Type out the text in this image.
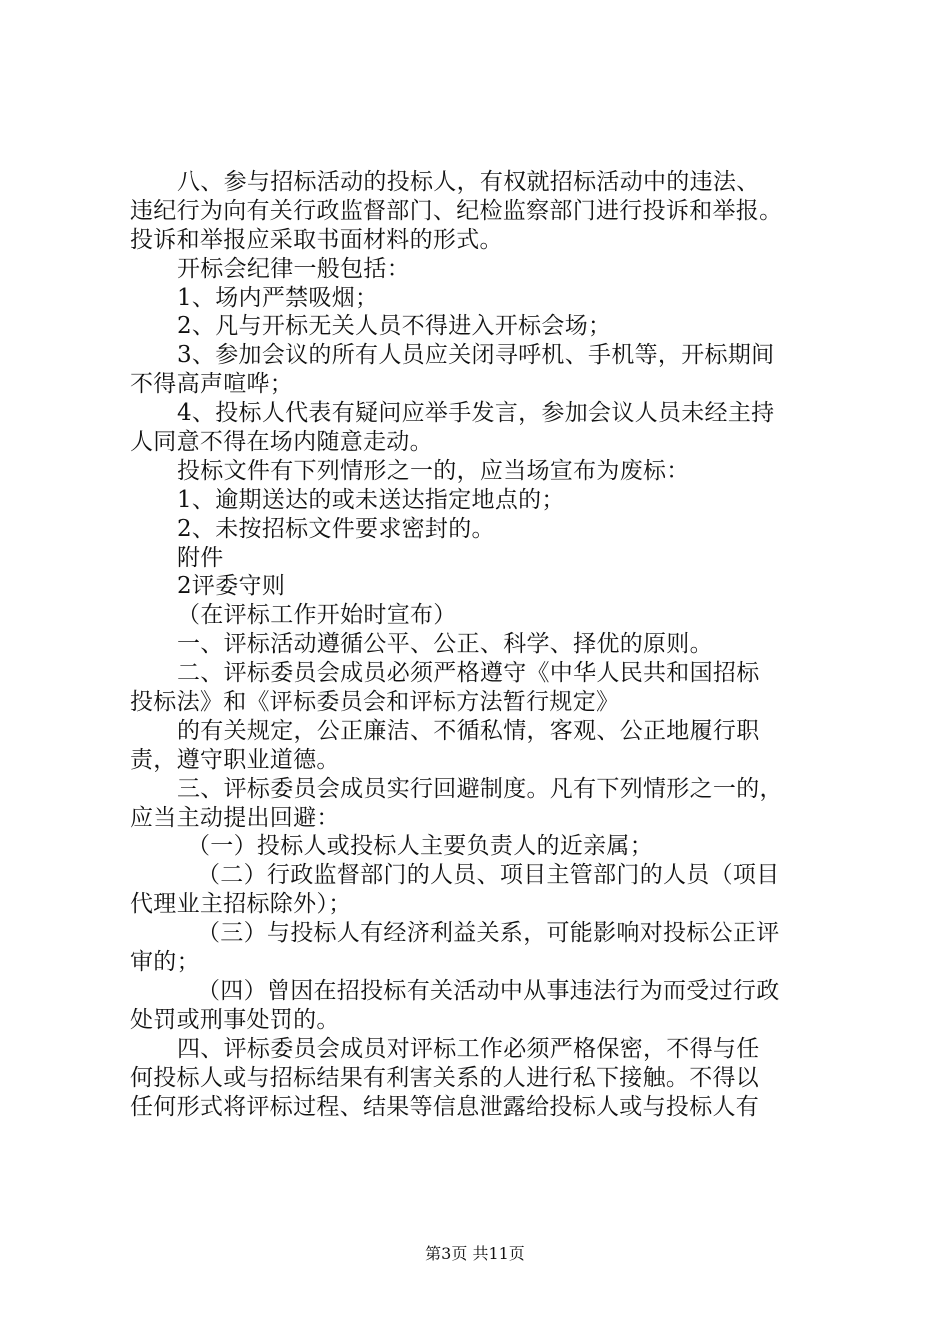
八、参与招标活动的投标人，有权就招标活动中的违法、
违纪行为向有关行政监督部门、纪检监察部门进行投诉和举报。
投诉和举报应采取书面材料的形式。
开标会纪律一般包括：
1、场内严禁吸烟；
2、凡与开标无关人员不得进入开标会场；
3、参加会议的所有人员应关闭寻呼机、手机等，开标期间
不得高声喧哗；
4、投标人代表有疑问应举手发言，参加会议人员未经主持
人同意不得在场内随意走动。
投标文件有下列情形之一的，应当场宣布为废标：
1、逾期送达的或未送达指定地点的；
2、未按招标文件要求密封的。
附件
2评委守则
（在评标工作开始时宣布）
一、评标活动遵循公平、公正、科学、择优的原则。
二、评标委员会成员必须严格遵守《中华人民共和国招标
投标法》和《评标委员会和评标方法暂行规定》
的有关规定，公正廉洁、不循私情，客观、公正地履行职
责，遵守职业道德。
三、评标委员会成员实行回避制度。凡有下列情形之一的，
应当主动提出回避：
（一）投标人或投标人主要负责人的近亲属；
（二）行政监督部门的人员、项目主管部门的人员（项目
代理业主招标除外）；
（三）与投标人有经济利益关系，可能影响对投标公正评
审的；
（四）曾因在招投标有关活动中从事违法行为而受过行政
处罚或刑事处罚的。
四、评标委员会成员对评标工作必须严格保密，不得与任
何投标人或与招标结果有利害关系的人进行私下接触。不得以
任何形式将评标过程、结果等信息泄露给投标人或与投标人有
第3页 共11页
